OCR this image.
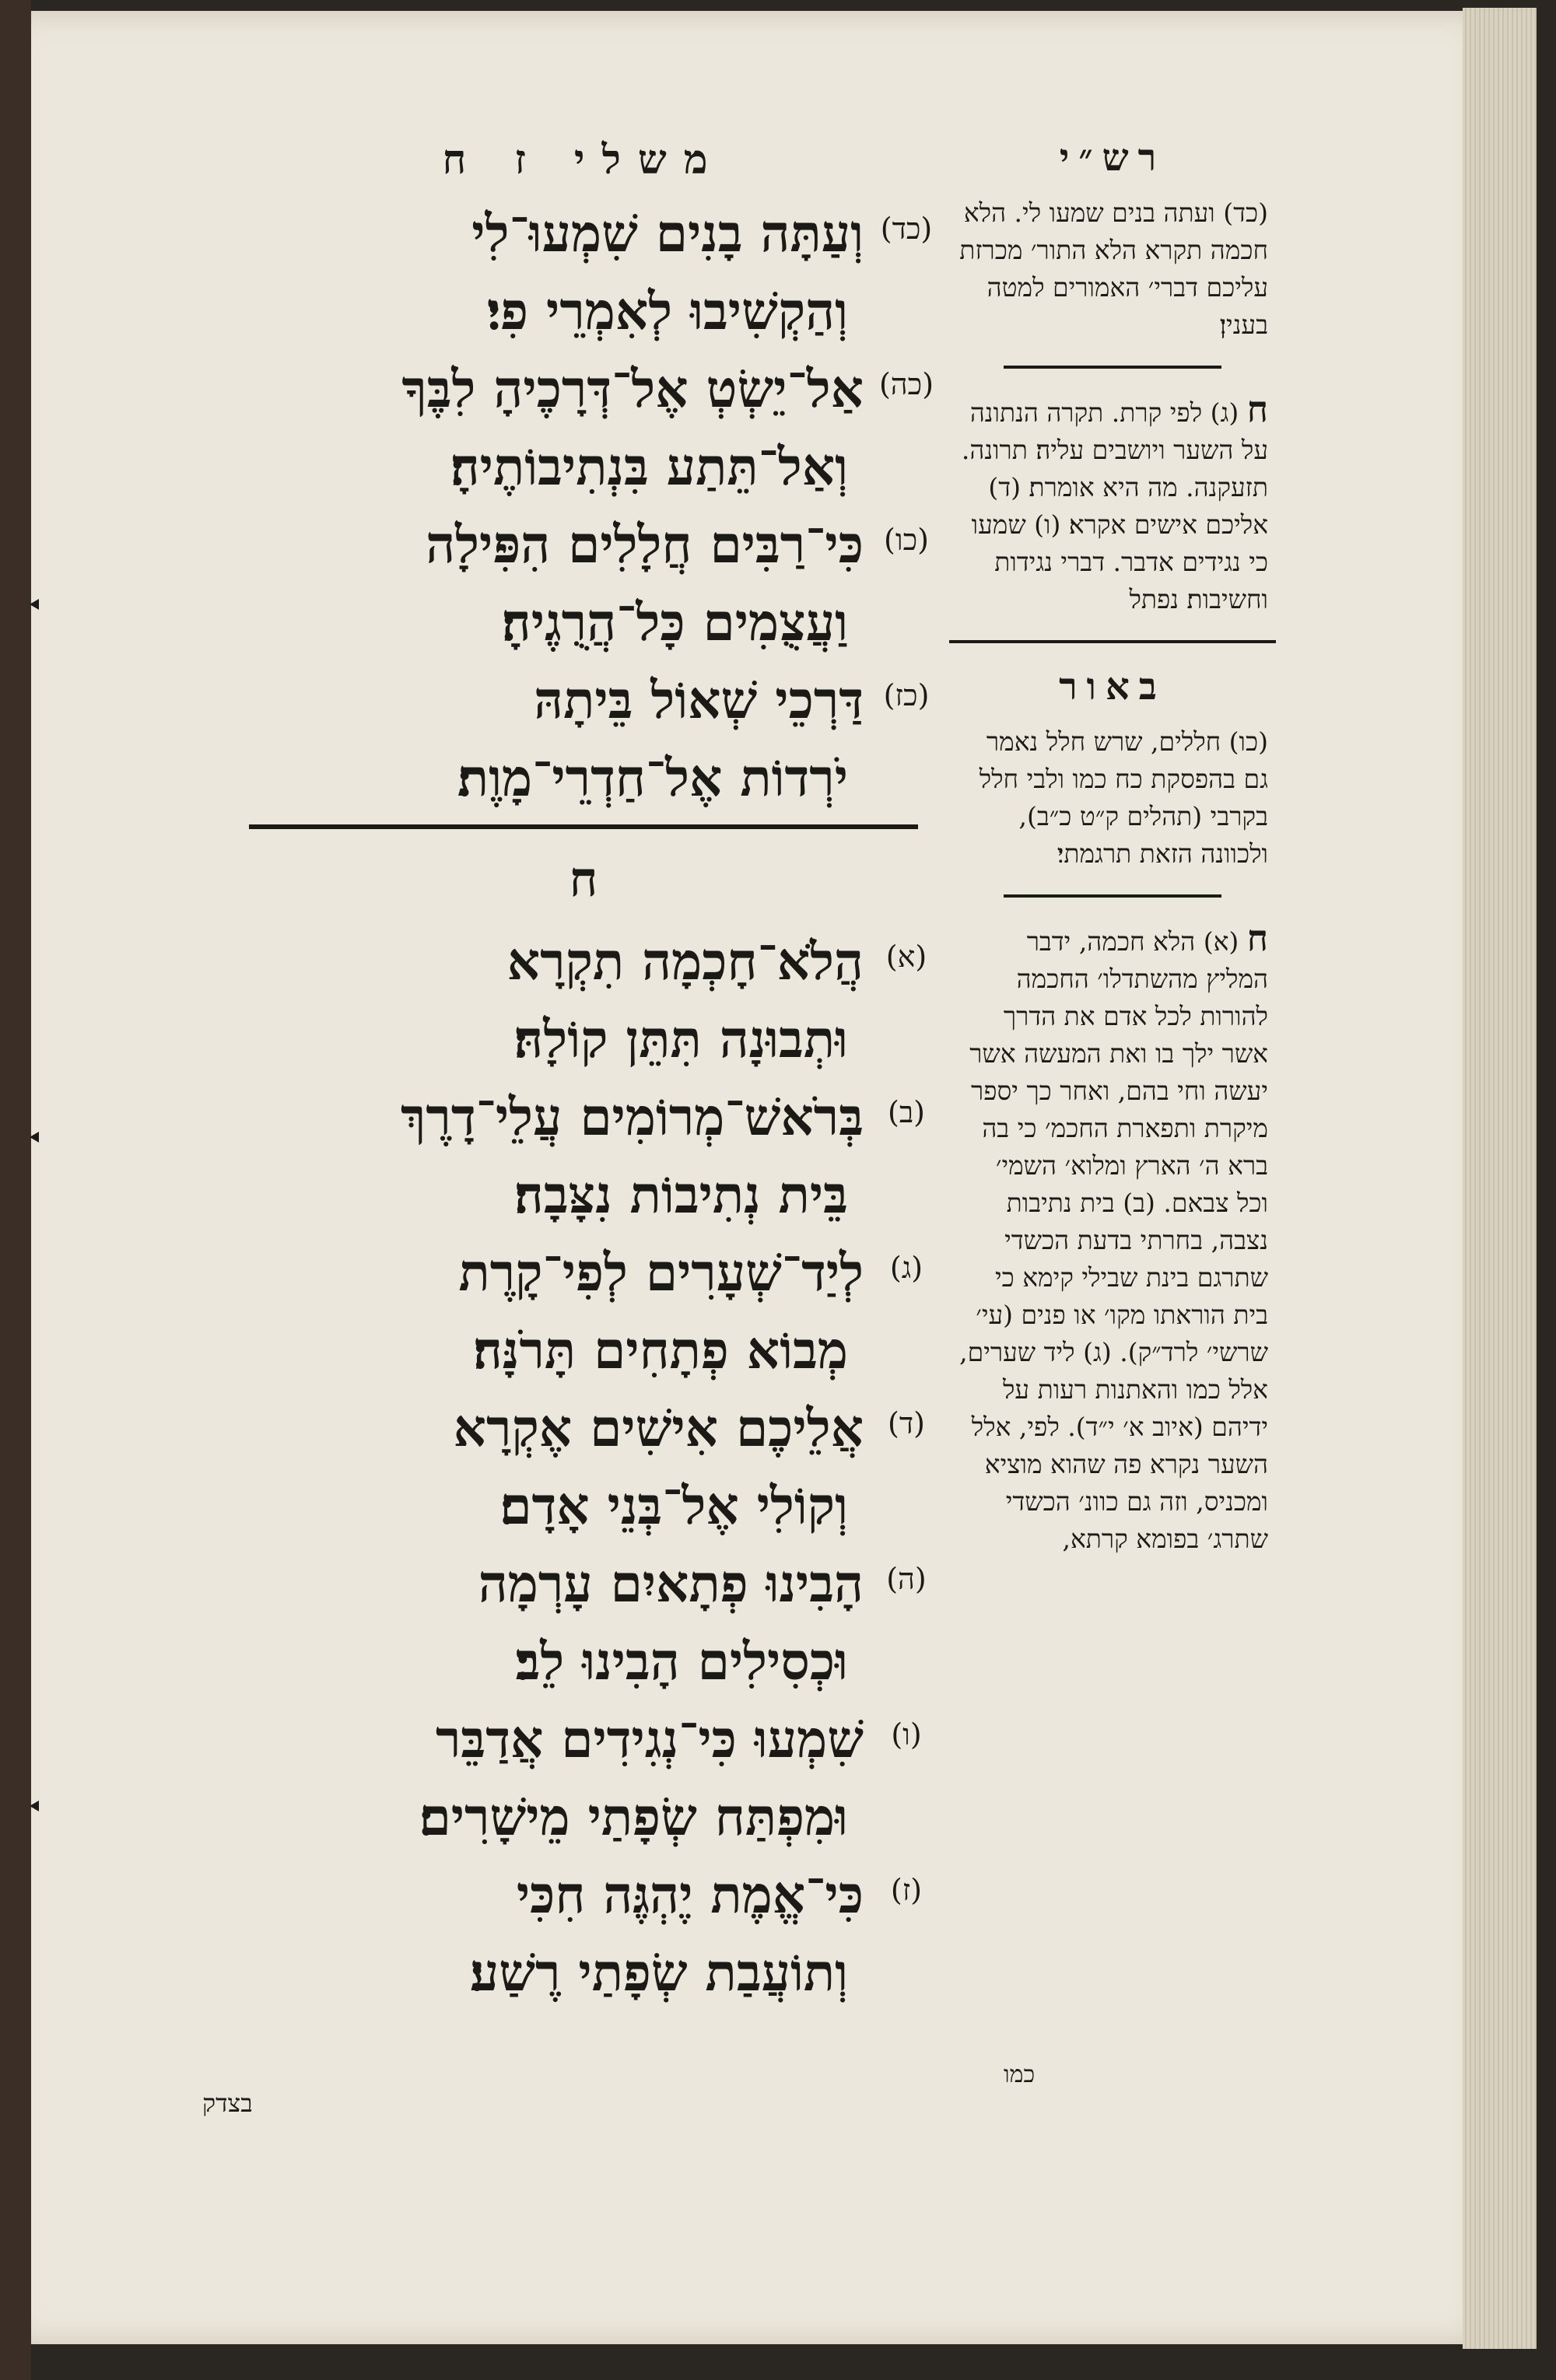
משלי ז ח
(כד)
וְעַתָּה בָנִים שִׁמְעוּ־לִי
וְהַקְשִׁיבוּ לְאִמְרֵי פִי׃
(כה)
אַל־יֵשְׂטְ אֶל־דְּרָכֶיהָ לִבֶּךָ
וְאַל־תֵּתַע בִּנְתִיבוֹתֶיהָ׃
(כו)
כִּי־רַבִּים חֲלָלִים הִפִּילָה
וַעֲצֻמִים כָּל־הֲרֻגֶיהָ׃
(כז)
דַּרְכֵי שְׁאוֹל בֵּיתָהּ
יֹרְדוֹת אֶל־חַדְרֵי־מָוֶת׃
ח
(א)
הֲלֹא־חָכְמָה תִקְרָא
וּתְבוּנָה תִּתֵּן קוֹלָהּ׃
(ב)
בְּרֹאשׁ־מְרוֹמִים עֲלֵי־דָרֶךְ
בֵּית נְתִיבוֹת נִצָּבָה׃
(ג)
לְיַד־שְׁעָרִים לְפִי־קָרֶת
מְבוֹא פְתָחִים תָּרֹנָּה׃
(ד)
אֲלֵיכֶם אִישִׁים אֶקְרָא
וְקוֹלִי אֶל־בְּנֵי אָדָם׃
(ה)
הָבִינוּ פְתָאיִם עָרְמָה
וּכְסִילִים הָבִינוּ לֵב׃
(ו)
שִׁמְעוּ כִּי־נְגִידִים אֲדַבֵּר
וּמִפְתַּח שְׂפָתַי מֵישָׁרִים׃
(ז)
כִּי־אֱמֶת יֶהְגֶּה חִכִּי
וְתוֹעֲבַת שְׂפָתַי רֶשַׁע׃
רש״י
(כד) ועתה בנים שמעו לי. הלא חכמה תקרא הלא התור׳ מכרזת עליכם דברי׳ האמורים למטה בענין׃
ח (ג) לפי קרת. תקרה הנתונה על השער ויושבים עליה׃ תרונה. תזעקנה. מה היא אומרת׃ (ד) אליכם אישים אקרא׃ (ו) שמעו כי נגידים אדבר. דברי נגידות וחשיבות׃ נפתל
באור
(כו) חללים, שרש חלל נאמר גם בהפסקת כח כמו ולבי חלל בקרבי (תהלים ק״ט כ״ב), ולכוונה הזאת תרגמתי׃
ח (א) הלא חכמה, ידבר המליץ מהשתדלו׳ החכמה להורות לכל אדם את הדרך אשר ילך בו ואת המעשה אשר יעשה וחי בהם, ואחר כך יספר מיקרת ותפארת החכמ׳ כי בה ברא ה׳ הארץ ומלוא׳ השמי׳ וכל צבאם. (ב) בית נתיבות נצבה, בחרתי בדעת הכשדי שתרגם בינת שבילי קימא כי בית הוראתו מקו׳ או פנים (עי׳ שרשי׳ לרד״ק). (ג) ליד שערים, אלל כמו והאתנות רעות על ידיהם (איוב א׳ י״ד). לפי, אלל השער נקרא פה שהוא מוציא ומכניס, וזה גם כוונ׳ הכשדי שתרג׳ בפומא קרתא,
כמו
בצדק
